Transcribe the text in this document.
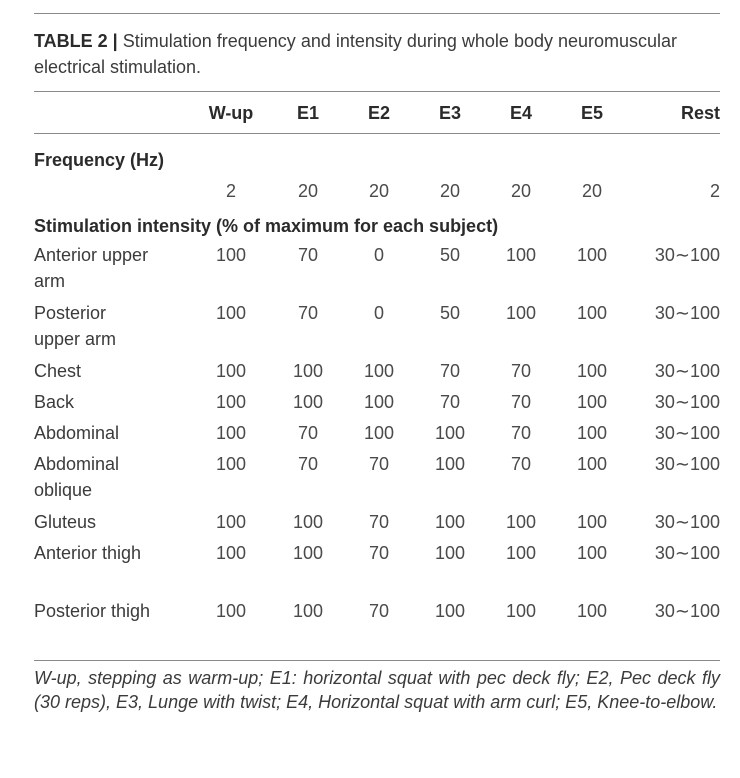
TABLE 2 | Stimulation frequency and intensity during whole body neuromuscular electrical stimulation.
	W-up	E1	E2	E3	E4	E5	Rest
Frequency (Hz)							
	2	20	20	20	20	20	2
Stimulation intensity (% of maximum for each subject)							
Anterior upper arm	100	70	0	50	100	100	30∼100
Posterior upper arm	100	70	0	50	100	100	30∼100
Chest	100	100	100	70	70	100	30∼100
Back	100	100	100	70	70	100	30∼100
Abdominal	100	70	100	100	70	100	30∼100
Abdominal oblique	100	70	70	100	70	100	30∼100
Gluteus	100	100	70	100	100	100	30∼100
Anterior thigh	100	100	70	100	100	100	30∼100
Posterior thigh	100	100	70	100	100	100	30∼100
W-up, stepping as warm-up; E1: horizontal squat with pec deck fly; E2, Pec deck fly (30 reps), E3, Lunge with twist; E4, Horizontal squat with arm curl; E5, Knee-to-elbow.
